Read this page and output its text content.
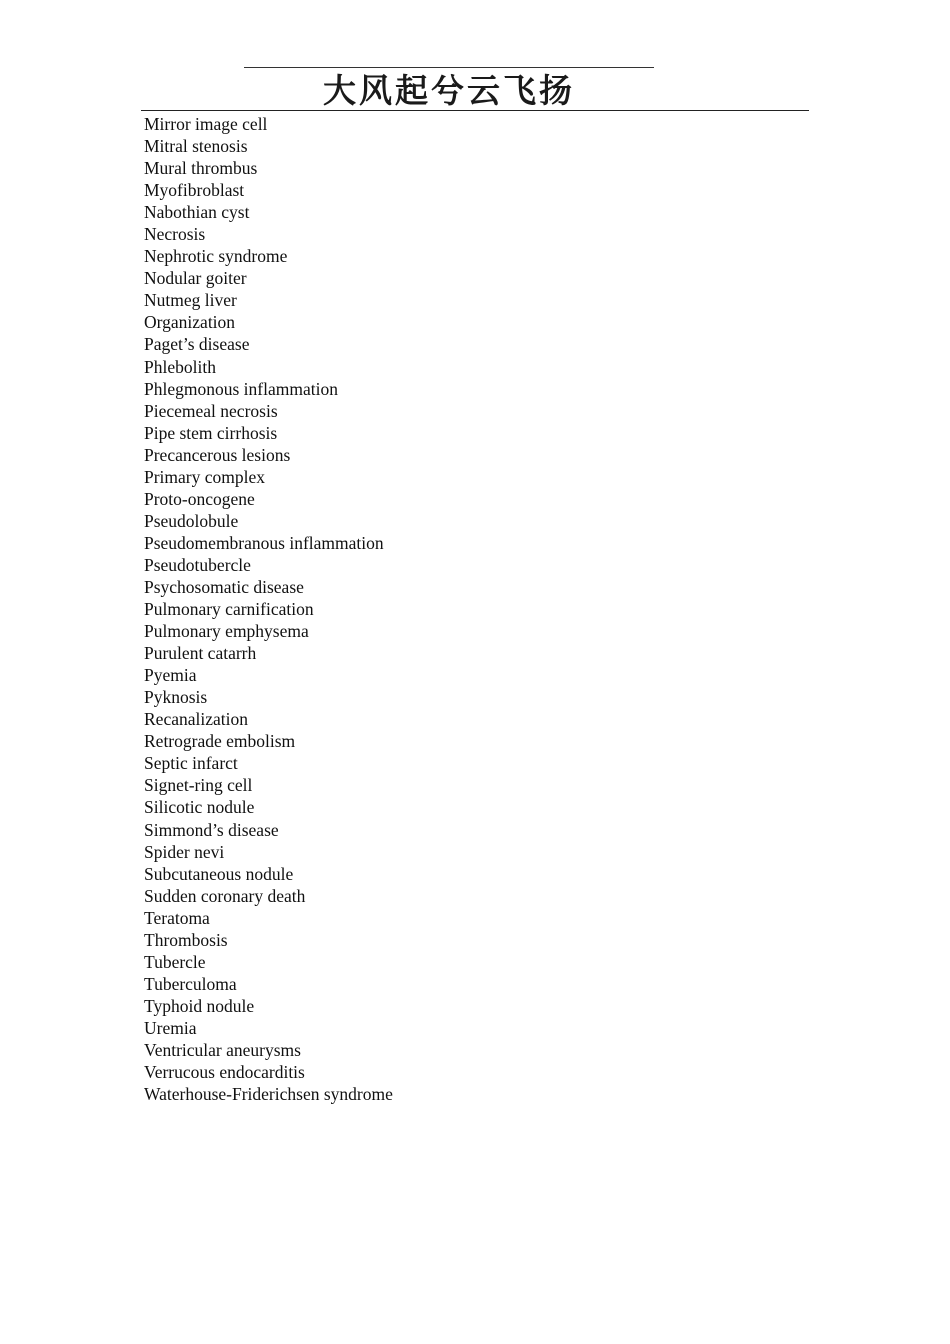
大风起兮云飞扬
Mirror image cell
Mitral stenosis
Mural thrombus
Myofibroblast
Nabothian cyst
Necrosis
Nephrotic syndrome
Nodular goiter
Nutmeg liver
Organization
Paget’s disease
Phlebolith
Phlegmonous inflammation
Piecemeal necrosis
Pipe stem cirrhosis
Precancerous lesions
Primary complex
Proto-oncogene
Pseudolobule
Pseudomembranous inflammation
Pseudotubercle
Psychosomatic disease
Pulmonary carnification
Pulmonary emphysema
Purulent catarrh
Pyemia
Pyknosis
Recanalization
Retrograde embolism
Septic infarct
Signet-ring cell
Silicotic nodule
Simmond’s disease
Spider nevi
Subcutaneous nodule
Sudden coronary death
Teratoma
Thrombosis
Tubercle
Tuberculoma
Typhoid nodule
Uremia
Ventricular aneurysms
Verrucous endocarditis
Waterhouse-Friderichsen syndrome
